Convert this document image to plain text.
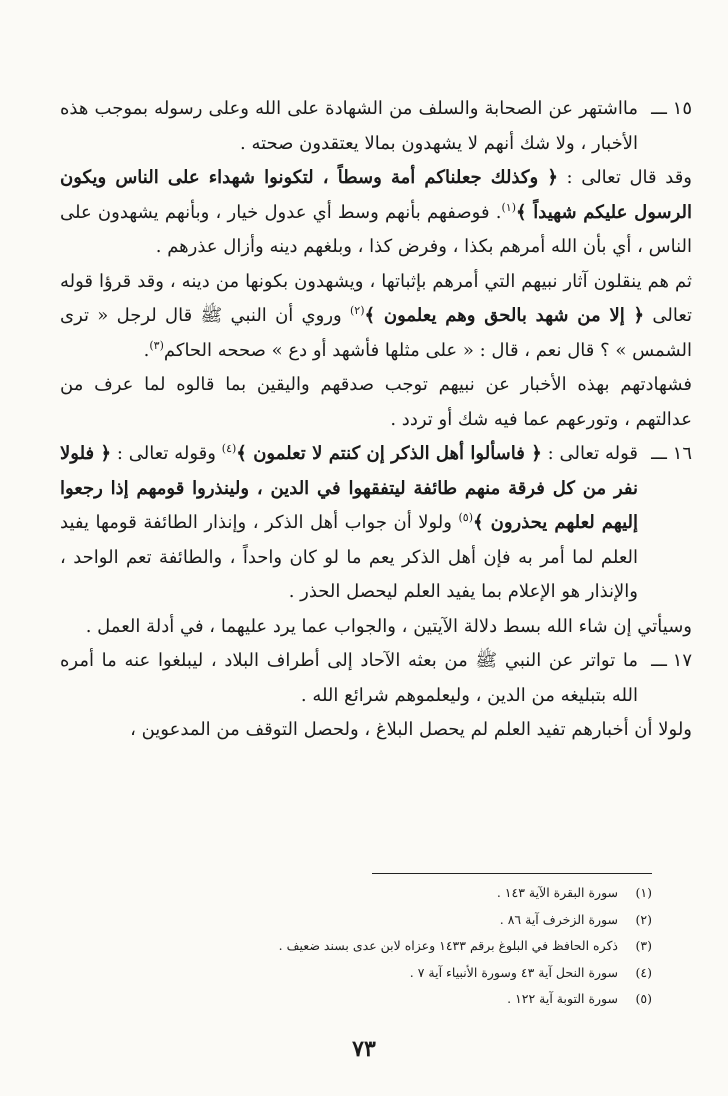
١٥ ـــ

مااشتهر عن الصحابة والسلف من الشهادة على الله وعلى رسوله بموجب هذه الأخبار ، ولا شك أنهم لا يشهدون بمالا يعتقدون صحته .

وقد قال تعالى : ﴿ وكذلك جعلناكم أمة وسطاً ، لتكونوا شهداء على الناس ويكون الرسول عليكم شهيداً ﴾$^{(١)}$. فوصفهم بأنهم وسط أي عدول خيار ، وبأنهم يشهدون على الناس ، أي بأن الله أمرهم بكذا ، وفرض كذا ، وبلغهم دينه وأزال عذرهم .

ثم هم ينقلون آثار نبيهم التي أمرهم بإثباتها ، ويشهدون بكونها من دينه ، وقد قرؤا قوله تعالى ﴿ إلا من شهد بالحق وهم يعلمون ﴾$^{(٢)}$ وروي أن النبي ﷺ قال لرجل « ترى الشمس » ؟ قال نعم ، قال : « على مثلها فأشهد أو دع » صححه الحاكم$^{(٣)}$.

فشهادتهم بهذه الأخبار عن نبيهم توجب صدقهم واليقين بما قالوه لما عرف من عدالتهم ، وتورعهم عما فيه شك أو تردد .

١٦ ـــ

قوله تعالى : ﴿ فاسألوا أهل الذكر إن كنتم لا تعلمون ﴾$^{(٤)}$ وقوله تعالى : ﴿ فلولا نفر من كل فرقة منهم طائفة ليتفقهوا في الدين ، ولينذروا قومهم إذا رجعوا إليهم لعلهم يحذرون ﴾$^{(٥)}$ ولولا أن جواب أهل الذكر ، وإنذار الطائفة قومها يفيد العلم لما أمر به فإن أهل الذكر يعم ما لو كان واحداً ، والطائفة تعم الواحد ، والإنذار هو الإعلام بما يفيد العلم ليحصل الحذر .

وسيأتي إن شاء الله بسط دلالة الآيتين ، والجواب عما يرد عليهما ، في أدلة العمل .

١٧ ـــ

ما تواتر عن النبي ﷺ من بعثه الآحاد إلى أطراف البلاد ، ليبلغوا عنه ما أمره الله بتبليغه من الدين ، وليعلموهم شرائع الله .

ولولا أن أخبارهم تفيد العلم لم يحصل البلاغ ، ولحصل التوقف من المدعوين ،

(١)
سورة البقرة الآية ١٤٣ .
(٢)
سورة الزخرف آية ٨٦ .
(٣)
ذكره الحافظ في البلوغ برقم ١٤٣٣ وعزاه لابن عدى بسند ضعيف .
(٤)
سورة النحل آية ٤٣ وسورة الأنبياء آية ٧ .
(٥)
سورة التوبة آية ١٢٢ .
٧٣
